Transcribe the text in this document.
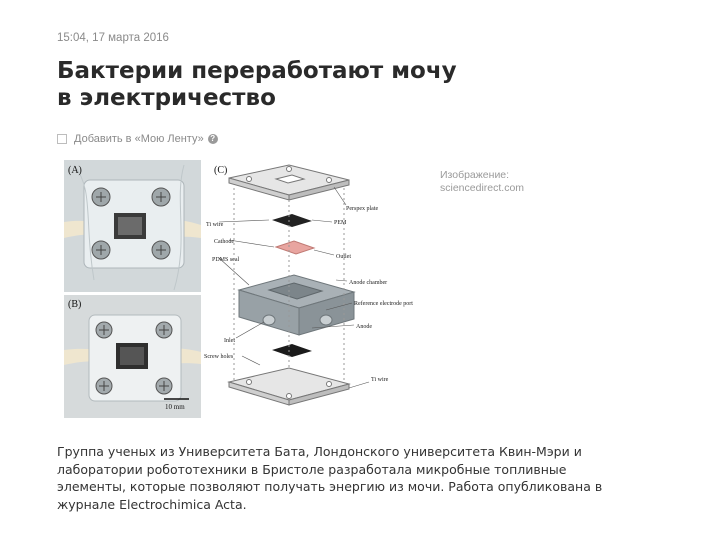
15:04, 17 марта 2016
Бактерии переработают мочу
в электричество
Добавить в «Мою Ленту» ?
(A)
(B)
10 mm
(C)
Perspex plate
Ti wire	PEM
Cathode
Outlet
PDMS seal
Anode chamber
Reference electrode port
Anode
Inlet
Screw holes
Ti wire
Изображение:
sciencedirect.com

Группа ученых из Университета Бата, Лондонского университета Квин-Мэри и лаборатории робототехники в Бристоле разработала микробные топливные элементы, которые позволяют получать энергию из мочи. Работа опубликована в журнале Electrochimica Acta.
